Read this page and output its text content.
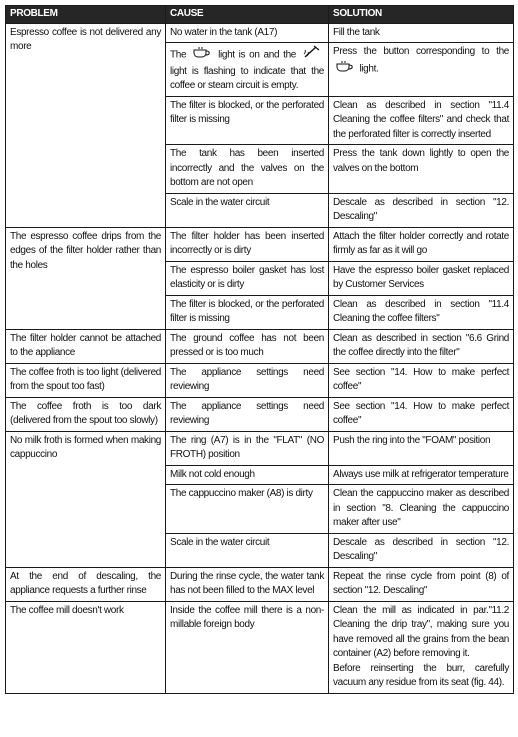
PROBLEM	CAUSE	SOLUTION
Espresso coffee is not delivered any more	No water in the tank (A17)	Fill the tank
	The light is on and the  light is flashing to indicate that the coffee or steam circuit is empty.	Press the button corresponding to the  light.
	The filter is blocked, or the perforated filter is missing	Clean as described in section "11.4 Cleaning the coffee filters" and check that the perforated filter is correctly inserted
	The tank has been inserted incorrectly and the valves on the bottom are not open	Press the tank down lightly to open the valves on the bottom
	Scale in the water circuit	Descale as described in section "12. Descaling"
The espresso coffee drips from the edges of the filter holder rather than the holes	The filter holder has been inserted incorrectly or is dirty	Attach the filter holder correctly and rotate firmly as far as it will go
	The espresso boiler gasket has lost elasticity or is dirty	Have the espresso boiler gasket replaced by Customer Services
	The filter is blocked, or the perforated filter is missing	Clean as described in section "11.4 Cleaning the coffee filters"
The filter holder cannot be attached to the appliance	The ground coffee has not been pressed or is too much	Clean as described in section "6.6 Grind the coffee directly into the filter"
The coffee froth is too light (delivered from the spout too fast)	The appliance settings need reviewing	See section "14. How to make perfect coffee"
The coffee froth is too dark (delivered from the spout too slowly)	The appliance settings need reviewing	See section "14. How to make perfect coffee"
No milk froth is formed when making cappuccino	The ring (A7) is in the "FLAT" (NO FROTH) position	Push the ring into the "FOAM" position
	Milk not cold enough	Always use milk at refrigerator temperature
	The cappuccino maker (A8) is dirty	Clean the cappuccino maker as described in section "8. Cleaning the cappuccino maker after use"
	Scale in the water circuit	Descale as described in section "12. Descaling"
At the end of descaling, the appliance requests a further rinse	During the rinse cycle, the water tank has not been filled to the MAX level	Repeat the rinse cycle from point (8) of section "12. Descaling"
The coffee mill doesn't work	Inside the coffee mill there is a non-millable foreign body	Clean the mill as indicated in par."11.2 Cleaning the drip tray", making sure you have removed all the grains from the bean container (A2) before removing it.
Before reinserting the burr, carefully vacuum any residue from its seat (fig. 44).
